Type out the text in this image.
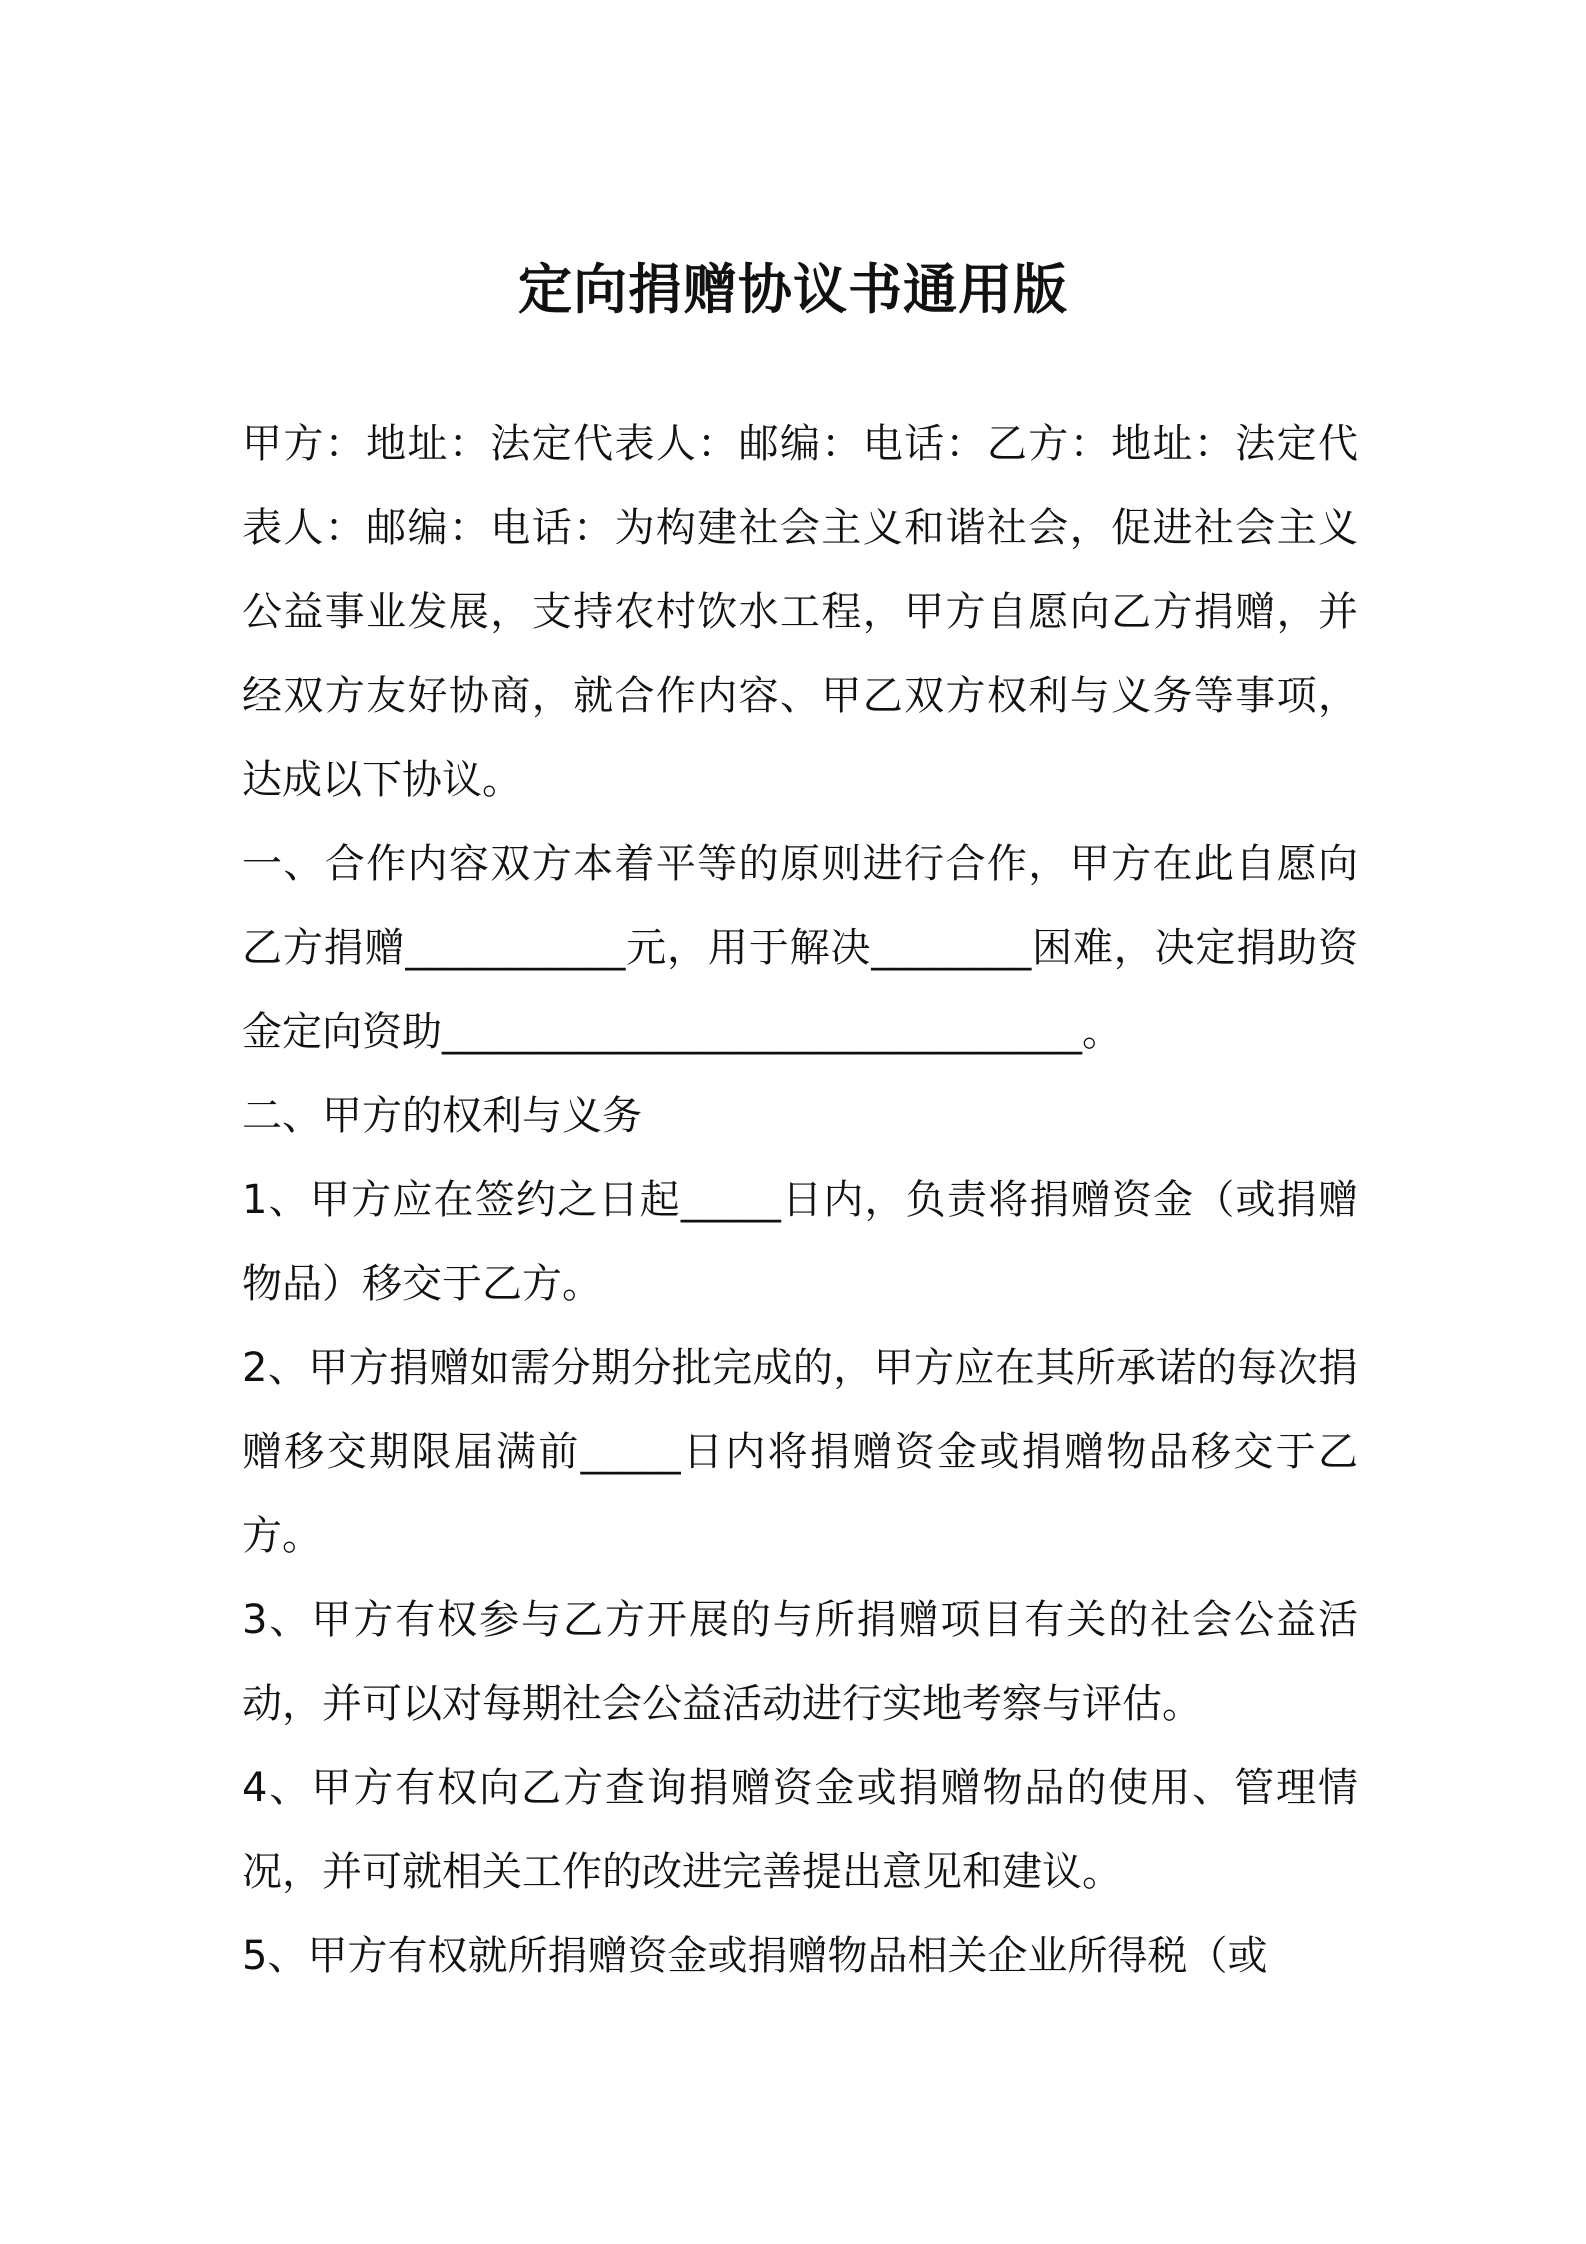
定向捐赠协议书通用版

甲方：地址：法定代表人：邮编：电话：乙方：地址：法定代表人：邮编：电话：为构建社会主义和谐社会，促进社会主义公益事业发展，支持农村饮水工程，甲方自愿向乙方捐赠，并经双方友好协商，就合作内容、甲乙双方权利与义务等事项，达成以下协议。

一、合作内容双方本着平等的原则进行合作，甲方在此自愿向乙方捐赠___________元，用于解决________困难，决定捐助资金定向资助________________________________。

二、甲方的权利与义务

1、甲方应在签约之日起_____日内，负责将捐赠资金（或捐赠物品）移交于乙方。

2、甲方捐赠如需分期分批完成的，甲方应在其所承诺的每次捐赠移交期限届满前_____日内将捐赠资金或捐赠物品移交于乙方。

3、甲方有权参与乙方开展的与所捐赠项目有关的社会公益活动，并可以对每期社会公益活动进行实地考察与评估。

4、甲方有权向乙方查询捐赠资金或捐赠物品的使用、管理情况，并可就相关工作的改进完善提出意见和建议。

5、甲方有权就所捐赠资金或捐赠物品相关企业所得税（或
